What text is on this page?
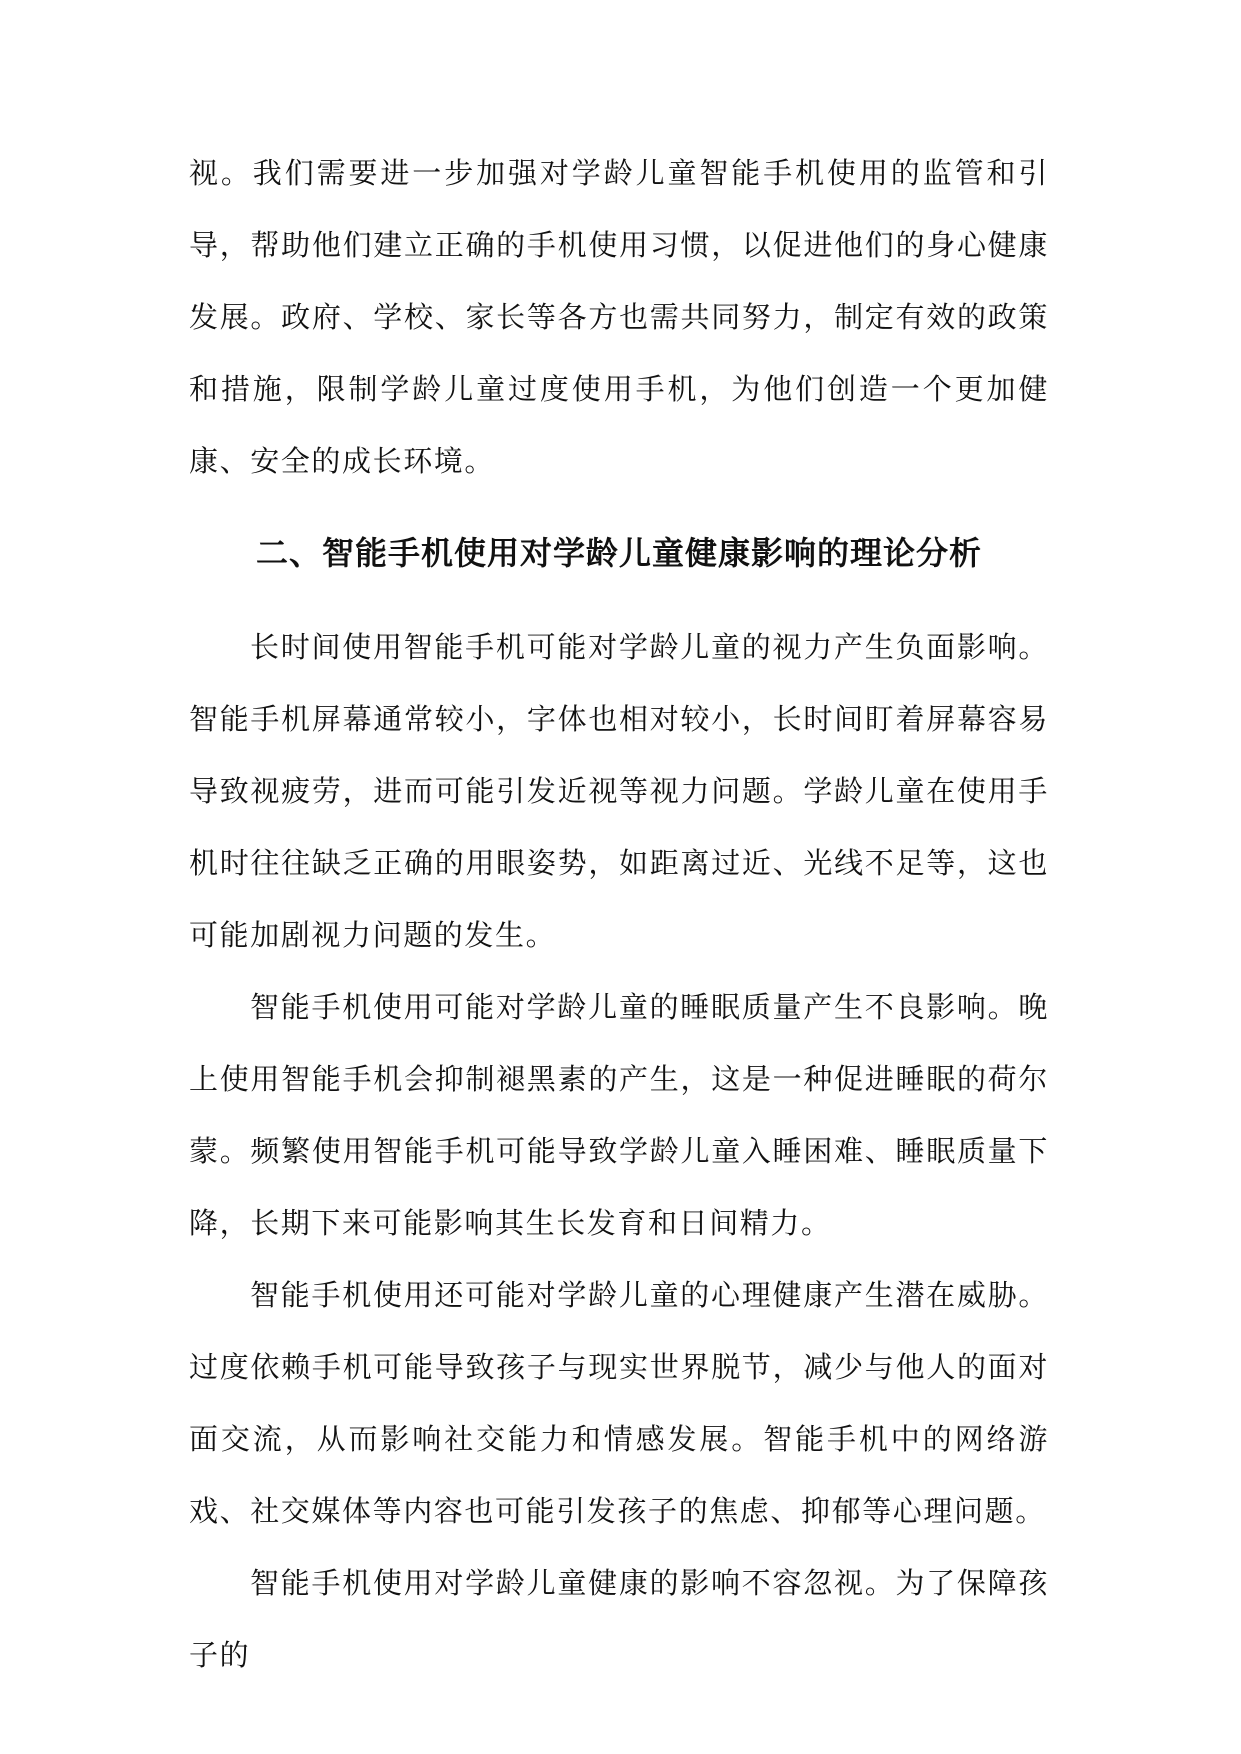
视。我们需要进一步加强对学龄儿童智能手机使用的监管和引导，帮助他们建立正确的手机使用习惯，以促进他们的身心健康发展。政府、学校、家长等各方也需共同努力，制定有效的政策和措施，限制学龄儿童过度使用手机，为他们创造一个更加健康、安全的成长环境。

二、智能手机使用对学龄儿童健康影响的理论分析

长时间使用智能手机可能对学龄儿童的视力产生负面影响。智能手机屏幕通常较小，字体也相对较小，长时间盯着屏幕容易导致视疲劳，进而可能引发近视等视力问题。学龄儿童在使用手机时往往缺乏正确的用眼姿势，如距离过近、光线不足等，这也可能加剧视力问题的发生。

智能手机使用可能对学龄儿童的睡眠质量产生不良影响。晚上使用智能手机会抑制褪黑素的产生，这是一种促进睡眠的荷尔蒙。频繁使用智能手机可能导致学龄儿童入睡困难、睡眠质量下降，长期下来可能影响其生长发育和日间精力。

智能手机使用还可能对学龄儿童的心理健康产生潜在威胁。过度依赖手机可能导致孩子与现实世界脱节，减少与他人的面对面交流，从而影响社交能力和情感发展。智能手机中的网络游戏、社交媒体等内容也可能引发孩子的焦虑、抑郁等心理问题。

智能手机使用对学龄儿童健康的影响不容忽视。为了保障孩子的
